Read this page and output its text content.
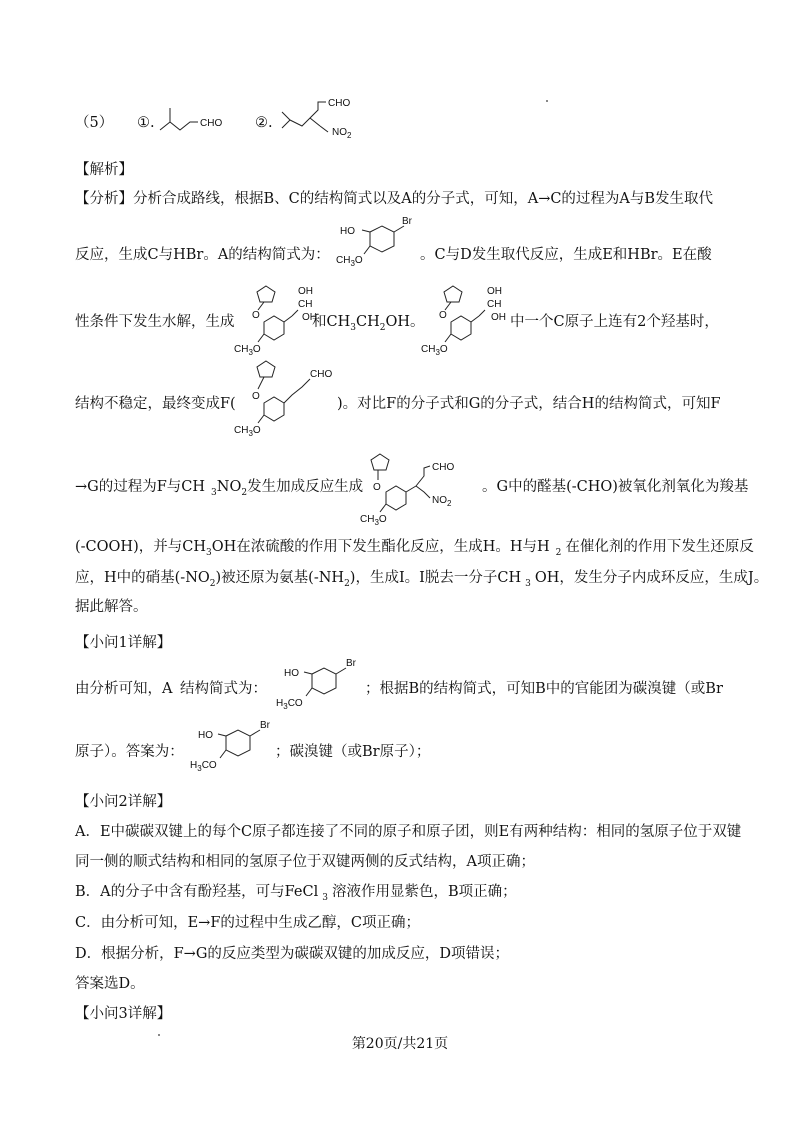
（5） ①.	②.
CHO
CHO
$NO_2$
【解析】
【分析】分析合成路线，根据B、C的结构简式以及A的分子式，可知，A→C的过程为A与B发生取代
反应，生成C与HBr。A的结构简式为：	。C与D发生取代反应，生成E和HBr。E在酸
Br
HO
$CH_3O$
性条件下发生水解，生成	和$CH_3CH_2OH$。	中一个C原子上连有2个羟基时，
O
OH
CH
OH
$CH_3O$
O
OH
CH
OH
$CH_3O$
结构不稳定，最终变成F(	)。对比F的分子式和G的分子式，结合H的结构简式，可知F
O
CHO
$CH_3O$
→G的过程为F与CH $_3NO_2$发生加成反应生成	。G中的醛基(-CHO)被氧化剂氧化为羧基
O
CHO
$NO_2$
$CH_3O$
(-COOH)，并与$CH_3OH$在浓硫酸的作用下发生酯化反应，生成H。H与H $_2$ 在催化剂的作用下发生还原反
应，H中的硝基$(-NO_2)$被还原为氨基$(-NH_2)$，生成I。I脱去一分子CH $_3$ OH，发生分子内成环反应，生成J。
据此解答。
【小问1详解】
由分析可知，A 结构简式为：	；根据B的结构简式，可知B中的官能团为碳溴键（或Br
Br
HO
$H_3CO$
原子）。答案为：	；碳溴键（或Br原子）；
Br
HO
$H_3CO$
【小问2详解】
A．E中碳碳双键上的每个C原子都连接了不同的原子和原子团，则E有两种结构：相同的氢原子位于双键
同一侧的顺式结构和相同的氢原子位于双键两侧的反式结构，A项正确；
B．A的分子中含有酚羟基，可与FeCl $_3$ 溶液作用显紫色，B项正确；
C．由分析可知，E→F的过程中生成乙醇，C项正确；
D．根据分析，F→G的反应类型为碳碳双键的加成反应，D项错误；
答案选D。
【小问3详解】
第20页/共21页
